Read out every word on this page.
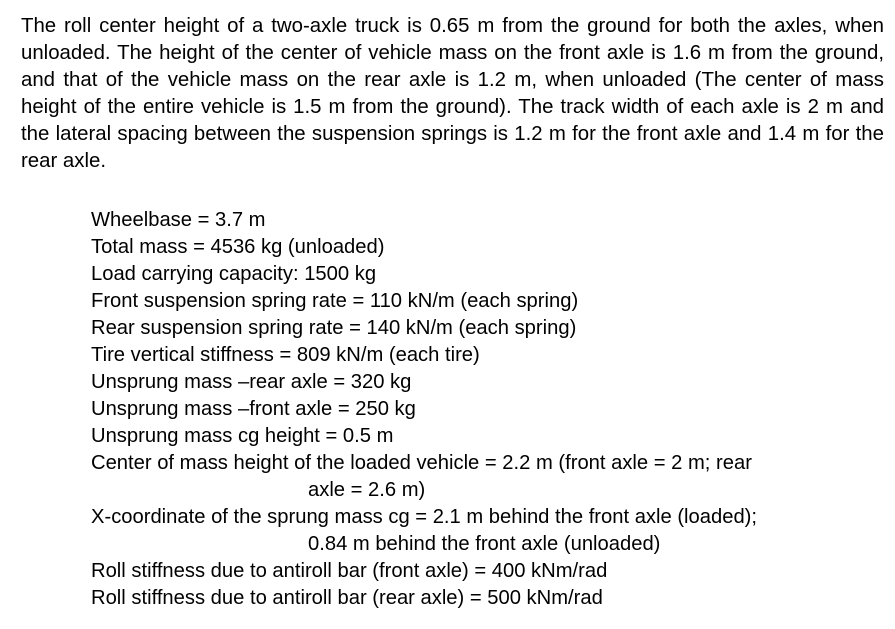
The roll center height of a two-axle truck is 0.65 m from the ground for both the axles, when unloaded. The height of the center of vehicle mass on the front axle is 1.6 m from the ground, and that of the vehicle mass on the rear axle is 1.2 m, when unloaded (The center of mass height of the entire vehicle is 1.5 m from the ground). The track width of each axle is 2 m and the lateral spacing between the suspension springs is 1.2 m for the front axle and 1.4 m for the rear axle.

Wheelbase = 3.7 m
Total mass = 4536 kg (unloaded)
Load carrying capacity: 1500 kg
Front suspension spring rate = 110 kN/m (each spring)
Rear suspension spring rate = 140 kN/m (each spring)
Tire vertical stiffness = 809 kN/m (each tire)
Unsprung mass –rear axle = 320 kg
Unsprung mass –front axle = 250 kg
Unsprung mass cg height = 0.5 m
Center of mass height of the loaded vehicle = 2.2 m (front axle = 2 m; rear
axle = 2.6 m)
X-coordinate of the sprung mass cg = 2.1 m behind the front axle (loaded);
0.84 m behind the front axle (unloaded)
Roll stiffness due to antiroll bar (front axle) = 400 kNm/rad
Roll stiffness due to antiroll bar (rear axle) = 500 kNm/rad
